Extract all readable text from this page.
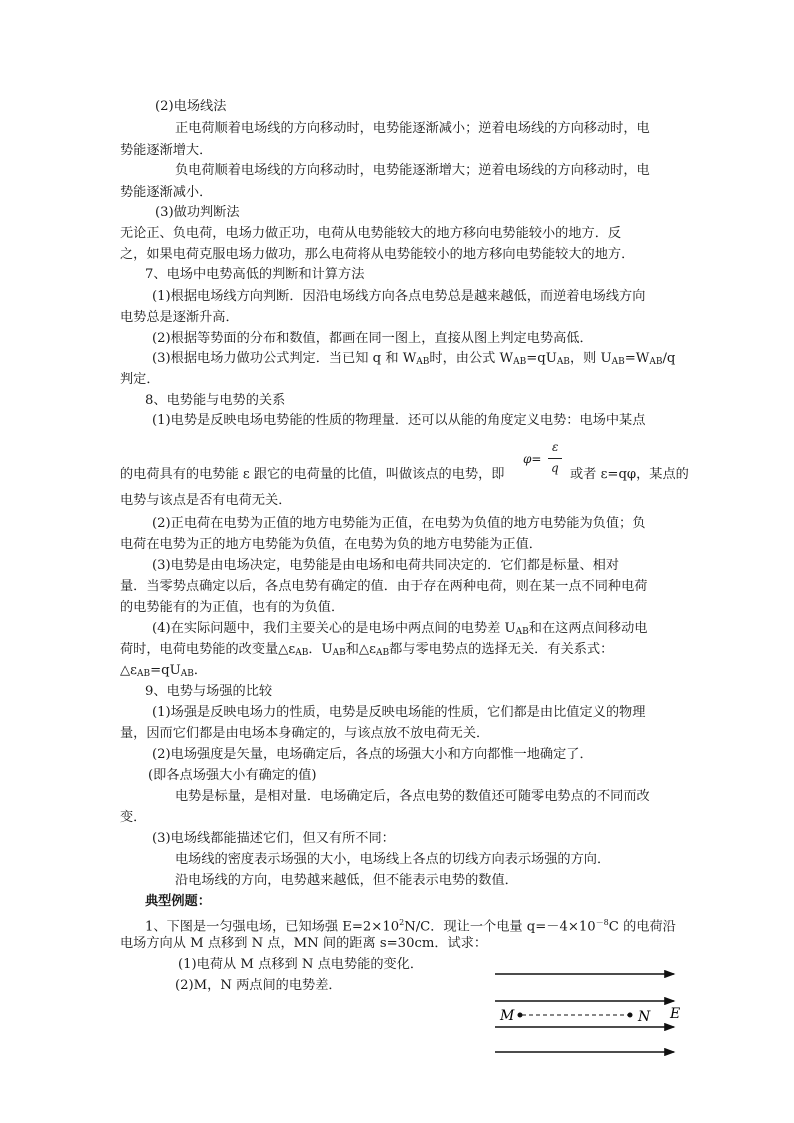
(2)电场线法
正电荷顺着电场线的方向移动时，电势能逐渐减小；逆着电场线的方向移动时，电
势能逐渐增大．
负电荷顺着电场线的方向移动时，电势能逐渐增大；逆着电场线的方向移动时，电
势能逐渐减小．
(3)做功判断法
无论正、负电荷，电场力做正功，电荷从电势能较大的地方移向电势能较小的地方．反
之，如果电荷克服电场力做功，那么电荷将从电势能较小的地方移向电势能较大的地方．
7、电场中电势高低的判断和计算方法
(1)根据电场线方向判断．因沿电场线方向各点电势总是越来越低，而逆着电场线方向
电势总是逐渐升高．
(2)根据等势面的分布和数值，都画在同一图上，直接从图上判定电势高低．
(3)根据电场力做功公式判定．当已知 q 和 $W_{AB}$时，由公式 $W_{AB}=qU_{AB}$，则 $U_{AB}=W_{AB}/q$
判定．
8、电势能与电势的关系
(1)电势是反映电场电势能的性质的物理量．还可以从能的角度定义电势：电场中某点
φ=
ε
q
的电荷具有的电势能 ε 跟它的电荷量的比值，叫做该点的电势，即	或者 ε=qφ，某点的
电势与该点是否有电荷无关．
(2)正电荷在电势为正值的地方电势能为正值，在电势为负值的地方电势能为负值；负
电荷在电势为正的地方电势能为负值，在电势为负的地方电势能为正值．
(3)电势是由电场决定，电势能是由电场和电荷共同决定的．它们都是标量、相对
量．当零势点确定以后，各点电势有确定的值．由于存在两种电荷，则在某一点不同种电荷
的电势能有的为正值，也有的为负值．
(4)在实际问题中，我们主要关心的是电场中两点间的电势差 $U_{AB}$和在这两点间移动电
荷时，电荷电势能的改变量$\triangle\varepsilon_{AB}$．$U_{AB}$和$\triangle\varepsilon_{AB}$都与零电势点的选择无关．有关系式：
$\triangle\varepsilon_{AB}=qU_{AB}$．
9、电势与场强的比较
(1)场强是反映电场力的性质，电势是反映电场能的性质，它们都是由比值定义的物理
量，因而它们都是由电场本身确定的，与该点放不放电荷无关．
(2)电场强度是矢量，电场确定后，各点的场强大小和方向都惟一地确定了．
(即各点场强大小有确定的值)
电势是标量，是相对量．电场确定后，各点电势的数值还可随零电势点的不同而改
变．
(3)电场线都能描述它们，但又有所不同：
电场线的密度表示场强的大小，电场线上各点的切线方向表示场强的方向．
沿电场线的方向，电势越来越低，但不能表示电势的数值．
典型例题：
1、下图是一匀强电场，已知场强 $E=2\times 10^2N/C$．现让一个电量 $q=-4\times 10^{-8}C$ 的电荷沿
电场方向从 M 点移到 N 点，MN 间的距离 s=30cm．试求：
(1)电荷从 M 点移到 N 点电势能的变化．
(2)M，N 两点间的电势差．
M	N E
